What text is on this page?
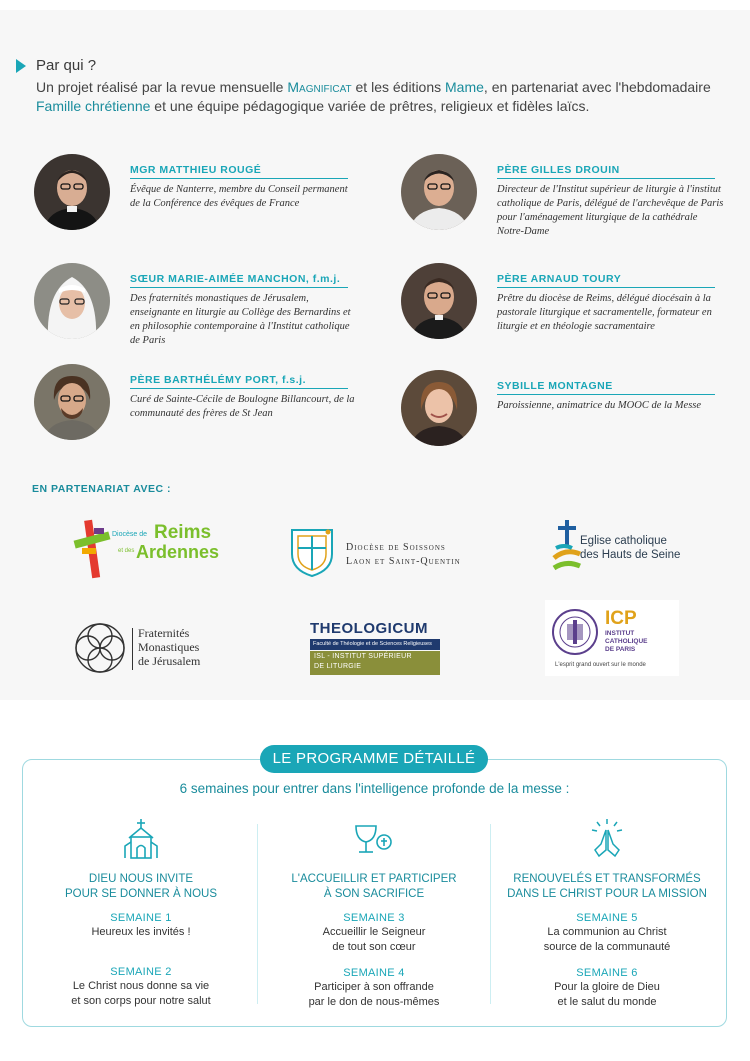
Par qui ?

Un projet réalisé par la revue mensuelle Magnificat et les éditions Mame, en partenariat avec l'hebdomadaire Famille chrétienne et une équipe pédagogique variée de prêtres, religieux et fidèles laïcs.

MGR MATTHIEU ROUGÉ
Évêque de Nanterre, membre du Conseil permanent de la Conférence des évêques de France
PÈRE GILLES DROUIN
Directeur de l'Institut supérieur de liturgie à l'institut catholique de Paris, délégué de l'archevêque de Paris pour l'aménagement liturgique de la cathédrale Notre-Dame
SŒUR MARIE-AIMÉE MANCHON, f.m.j.
Des fraternités monastiques de Jérusalem, enseignante en liturgie au Collège des Bernardins et en philosophie contemporaine à l'Institut catholique de Paris
PÈRE ARNAUD TOURY
Prêtre du diocèse de Reims, délégué diocésain à la pastorale liturgique et sacramentelle, formateur en liturgie et en théologie sacramentaire
PÈRE BARTHÉLÉMY PORT, f.s.j.
Curé de Sainte-Cécile de Boulogne Billancourt, de la communauté des frères de St Jean
SYBILLE MONTAGNE
Paroissienne, animatrice du MOOC de la Messe
EN PARTENARIAT AVEC :
Diocèse de Reims
et des Ardennes	Diocèse de Soissons
Laon et Saint-Quentin
Eglise catholique
des Hauts de Seine
Fraternités
Monastiques
de Jérusalem
THEOLOGICUM
Faculté de Théologie et de Sciences Religieuses
ISL - INSTITUT SUPÉRIEUR
DE LITURGIE
ICP
INSTITUT
CATHOLIQUE
DE PARIS
L'esprit grand ouvert sur le monde
LE PROGRAMME DÉTAILLÉ
6 semaines pour entrer dans l'intelligence profonde de la messe :
DIEU NOUS INVITE
POUR SE DONNER À NOUS
SEMAINE 1
Heureux les invités !
SEMAINE 2
Le Christ nous donne sa vie
et son corps pour notre salut
L'ACCUEILLIR ET PARTICIPER
À SON SACRIFICE
SEMAINE 3
Accueillir le Seigneur
de tout son cœur
SEMAINE 4
Participer à son offrande
par le don de nous-mêmes
RENOUVELÉS ET TRANSFORMÉS
DANS LE CHRIST POUR LA MISSION
SEMAINE 5
La communion au Christ
source de la communauté
SEMAINE 6
Pour la gloire de Dieu
et le salut du monde
